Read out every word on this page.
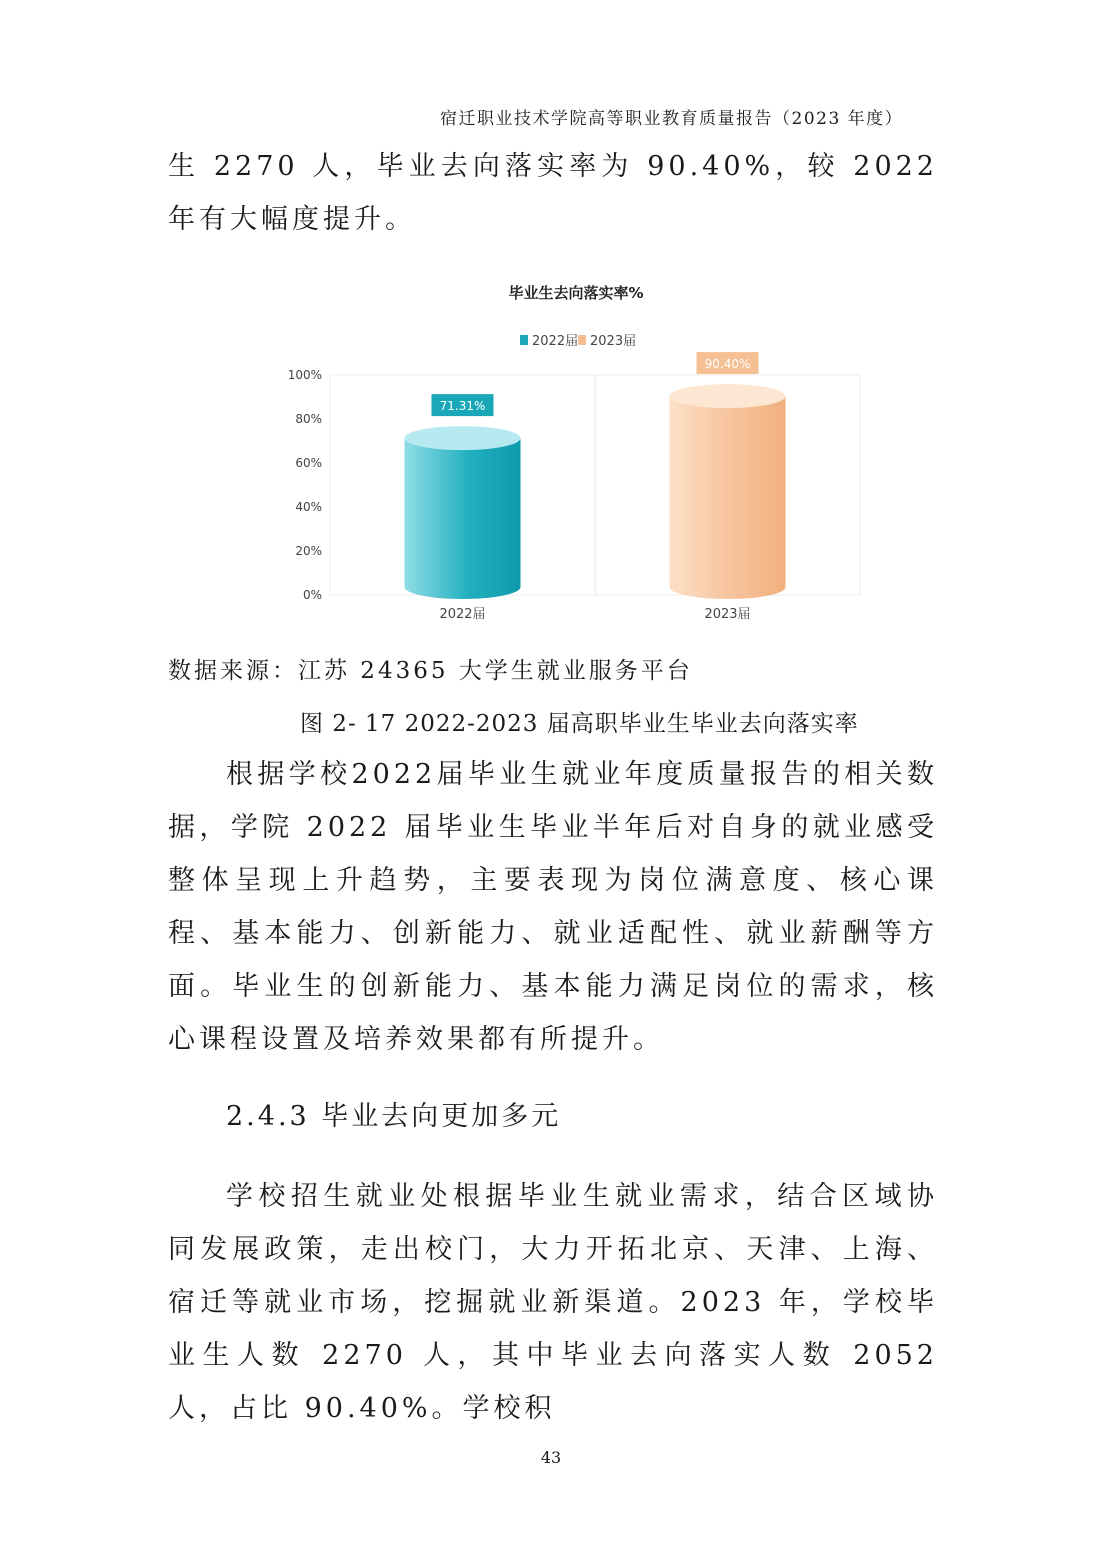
宿迁职业技术学院高等职业教育质量报告（2023 年度）
生 2270 人，毕业去向落实率为 90.40%，较 2022 年有大幅度提升。
毕业生去向落实率%
2022届 2023届
0%
20%
40%
60%
80%
100%
71.31%
2022届
90.40%
2023届
数据来源：江苏 24365 大学生就业服务平台
图 2- 17 2022-2023 届高职毕业生毕业去向落实率
根据学校2022届毕业生就业年度质量报告的相关数据，学院 2022 届毕业生毕业半年后对自身的就业感受整体呈现上升趋势，主要表现为岗位满意度、核心课程、基本能力、创新能力、就业适配性、就业薪酬等方面。毕业生的创新能力、基本能力满足岗位的需求，核心课程设置及培养效果都有所提升。
2.4.3 毕业去向更加多元
学校招生就业处根据毕业生就业需求，结合区域协同发展政策，走出校门，大力开拓北京、天津、上海、宿迁等就业市场，挖掘就业新渠道。2023 年，学校毕业生人数 2270 人，其中毕业去向落实人数 2052 人，占比 90.40%。学校积
43
